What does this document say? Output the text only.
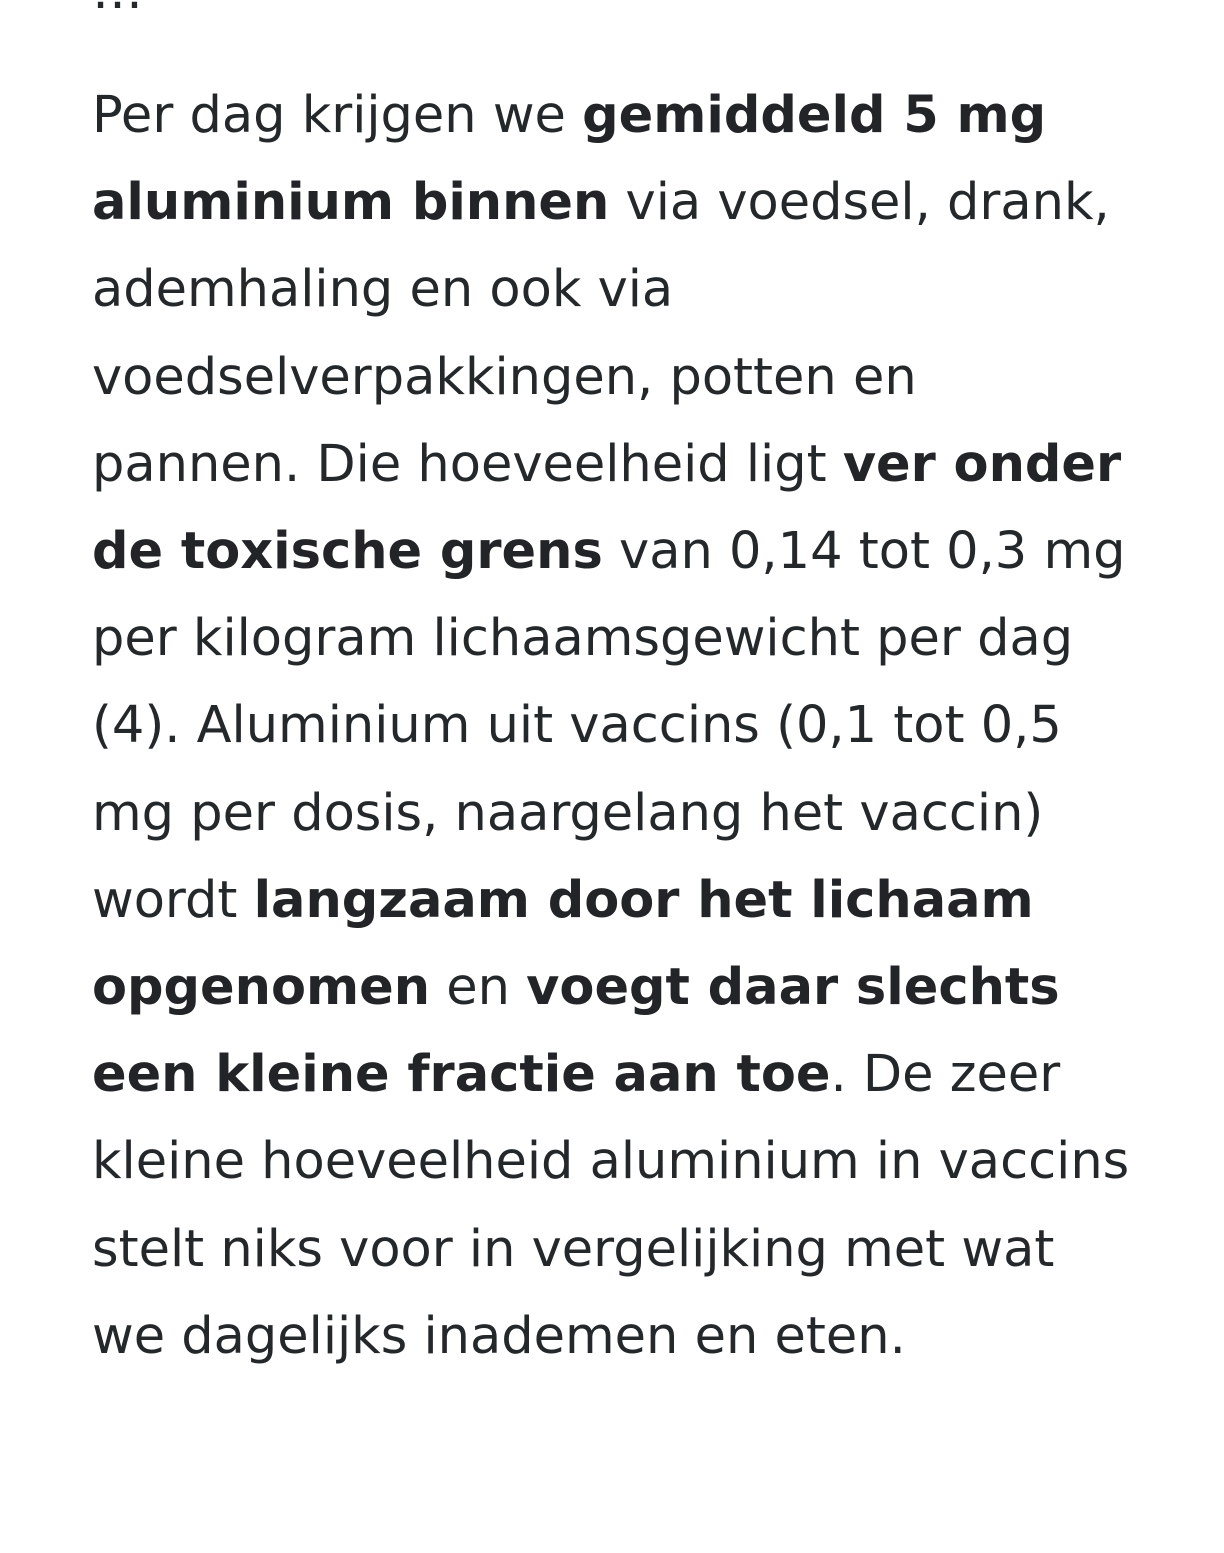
Per dag krijgen we gemiddeld 5 mg aluminium binnen via voedsel, drank, ademhaling en ook via voedselverpakkingen, potten en pannen. Die hoeveelheid ligt ver onder de toxische grens van 0,14 tot 0,3 mg per kilogram lichaamsgewicht per dag (4). Aluminium uit vaccins (0,1 tot 0,5 mg per dosis, naargelang het vaccin) wordt langzaam door het lichaam opgenomen en voegt daar slechts een kleine fractie aan toe. De zeer kleine hoeveelheid aluminium in vaccins stelt niks voor in vergelijking met wat we dagelijks inademen en eten.
